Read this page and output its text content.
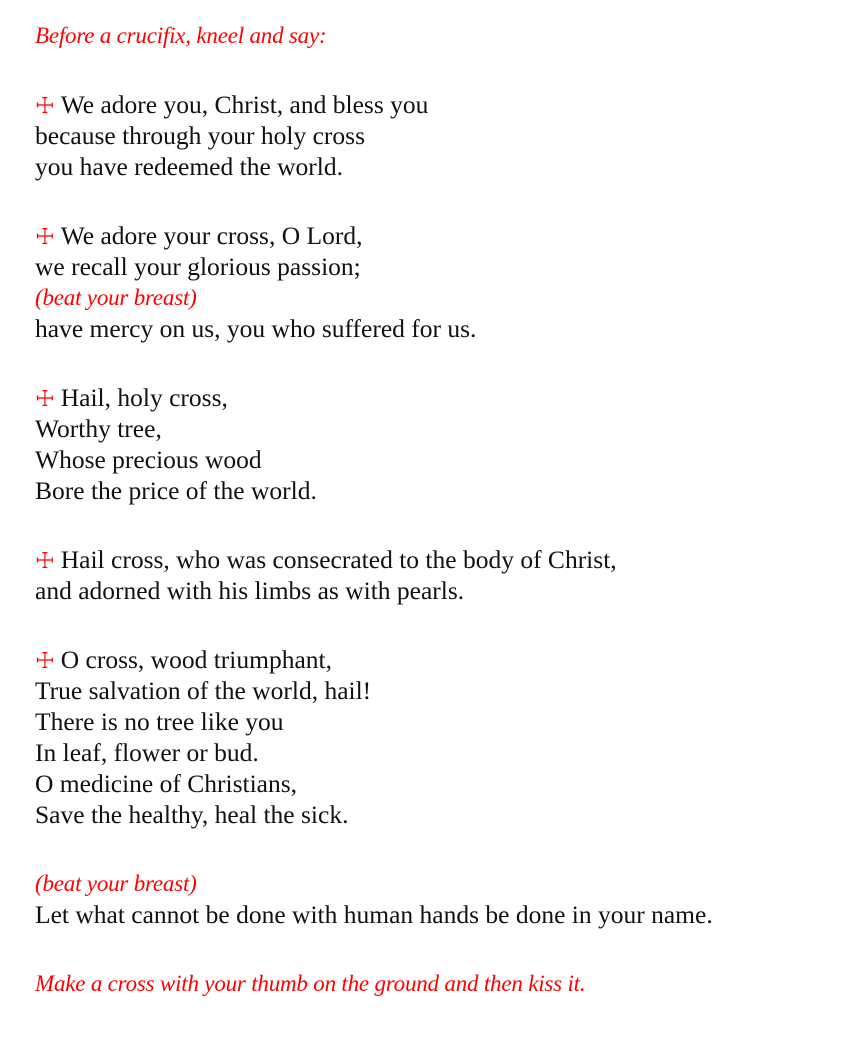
Before a crucifix, kneel and say:
☩ We adore you, Christ, and bless you
because through your holy cross
you have redeemed the world.
☩ We adore your cross, O Lord,
we recall your glorious passion;
(beat your breast)
have mercy on us, you who suffered for us.
☩ Hail, holy cross,
Worthy tree,
Whose precious wood
Bore the price of the world.
☩ Hail cross, who was consecrated to the body of Christ,
and adorned with his limbs as with pearls.
☩ O cross, wood triumphant,
True salvation of the world, hail!
There is no tree like you
In leaf, flower or bud.
O medicine of Christians,
Save the healthy, heal the sick.
(beat your breast)
Let what cannot be done with human hands be done in your name.
Make a cross with your thumb on the ground and then kiss it.
